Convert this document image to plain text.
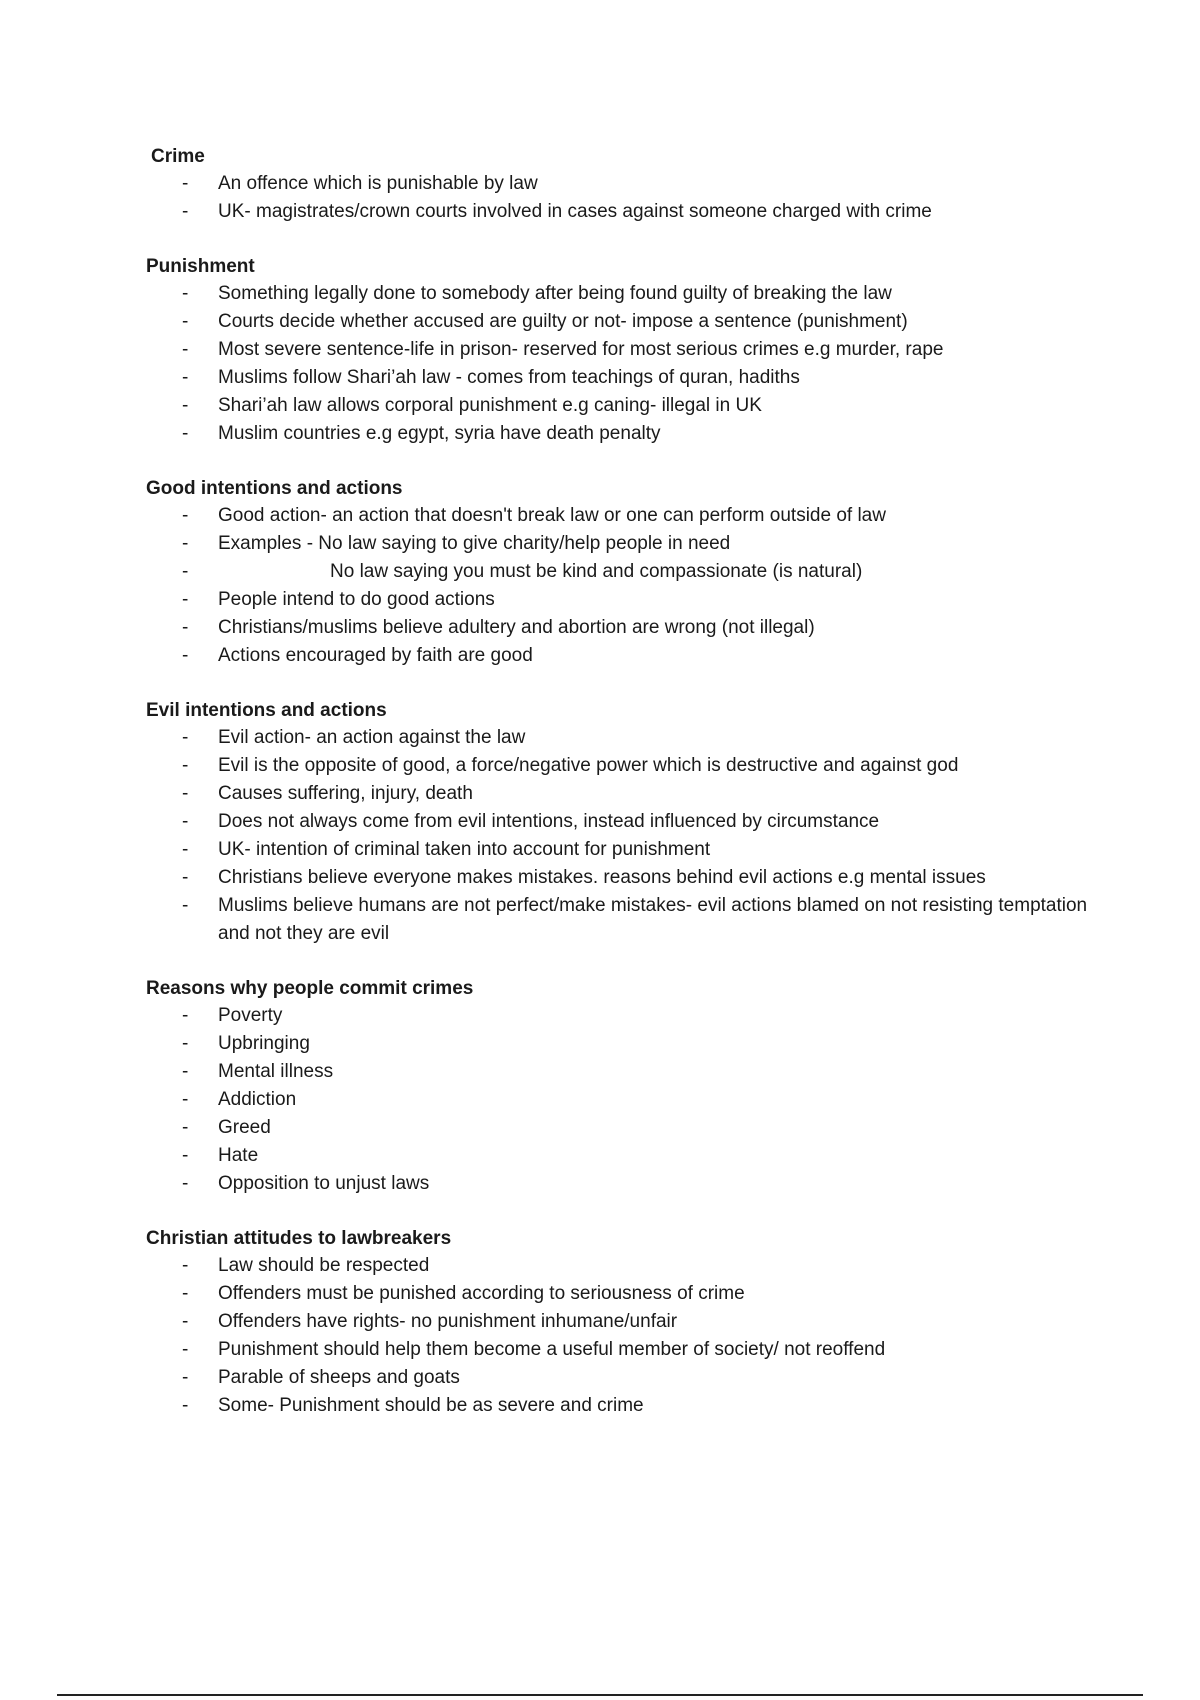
Crime
- An offence which is punishable by law
- UK- magistrates/crown courts involved in cases against someone charged with crime
Punishment
- Something legally done to somebody after being found guilty of breaking the law
- Courts decide whether accused are guilty or not- impose a sentence (punishment)
- Most severe sentence-life in prison- reserved for most serious crimes e.g murder, rape
- Muslims follow Shari’ah law - comes from teachings of quran, hadiths
- Shari’ah law allows corporal punishment e.g caning- illegal in UK
- Muslim countries e.g egypt, syria have death penalty
Good intentions and actions
- Good action- an action that doesn't break law or one can perform outside of law
- Examples - No law saying to give charity/help people in need
-	No law saying you must be kind and compassionate (is natural)
- People intend to do good actions
- Christians/muslims believe adultery and abortion are wrong (not illegal)
- Actions encouraged by faith are good
Evil intentions and actions
- Evil action- an action against the law
- Evil is the opposite of good, a force/negative power which is destructive and against god
- Causes suffering, injury, death
- Does not always come from evil intentions, instead influenced by circumstance
- UK- intention of criminal taken into account for punishment
- Christians believe everyone makes mistakes. reasons behind evil actions e.g mental issues
- Muslims believe humans are not perfect/make mistakes- evil actions blamed on not resisting temptation and not they are evil
Reasons why people commit crimes
- Poverty
- Upbringing
- Mental illness
- Addiction
- Greed
- Hate
- Opposition to unjust laws
Christian attitudes to lawbreakers
- Law should be respected
- Offenders must be punished according to seriousness of crime
- Offenders have rights- no punishment inhumane/unfair
- Punishment should help them become a useful member of society/ not reoffend
- Parable of sheeps and goats
- Some- Punishment should be as severe and crime
